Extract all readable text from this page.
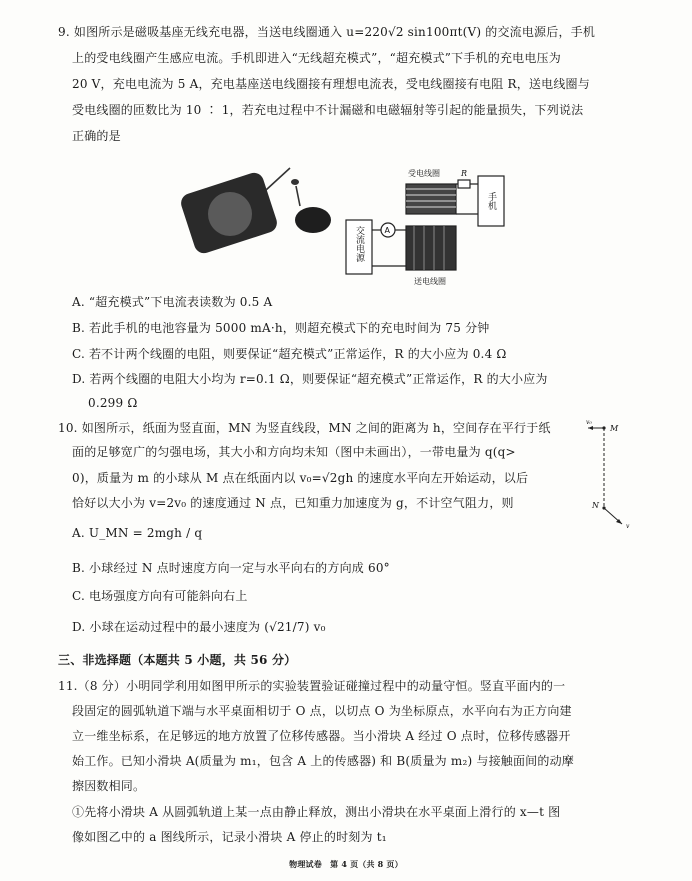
9. 如图所示是磁吸基座无线充电器，当送电线圈通入 u=220√2 sin100πt(V) 的交流电源后，手机
上的受电线圈产生感应电流。手机即进入“无线超充模式”，“超充模式”下手机的充电电压为
20 V，充电电流为 5 A，充电基座送电线圈接有理想电流表，受电线圈接有电阻 R，送电线圈与
受电线圈的匝数比为 10 ∶ 1，若充电过程中不计漏磁和电磁辐射等引起的能量损失，下列说法
正确的是
受电线圈	R
手机
交流电源	A
送电线圈
A. “超充模式”下电流表读数为 0.5 A
B. 若此手机的电池容量为 5000 mA·h，则超充模式下的充电时间为 75 分钟
C. 若不计两个线圈的电阻，则要保证“超充模式”正常运作，R 的大小应为 0.4 Ω
D. 若两个线圈的电阻大小均为 r=0.1 Ω，则要保证“超充模式”正常运作，R 的大小应为
0.299 Ω
10. 如图所示，纸面为竖直面，MN 为竖直线段，MN 之间的距离为 h，空间存在平行于纸
面的足够宽广的匀强电场，其大小和方向均未知（图中未画出），一带电量为 q(q>
0)，质量为 m 的小球从 M 点在纸面内以 v₀=√2gh 的速度水平向左开始运动，以后
恰好以大小为 v=2v₀ 的速度通过 N 点，已知重力加速度为 g，不计空气阻力，则
M
N
v₀
v
A. U_MN = 2mgh / q
B. 小球经过 N 点时速度方向一定与水平向右的方向成 60°
C. 电场强度方向有可能斜向右上
D. 小球在运动过程中的最小速度为 (√21/7) v₀
三、非选择题（本题共 5 小题，共 56 分）
11.（8 分）小明同学利用如图甲所示的实验装置验证碰撞过程中的动量守恒。竖直平面内的一
段固定的圆弧轨道下端与水平桌面相切于 O 点，以切点 O 为坐标原点，水平向右为正方向建
立一维坐标系，在足够远的地方放置了位移传感器。当小滑块 A 经过 O 点时，位移传感器开
始工作。已知小滑块 A(质量为 m₁，包含 A 上的传感器) 和 B(质量为 m₂) 与接触面间的动摩
擦因数相同。
①先将小滑块 A 从圆弧轨道上某一点由静止释放，测出小滑块在水平桌面上滑行的 x—t 图
像如图乙中的 a 图线所示，记录小滑块 A 停止的时刻为 t₁
物理试卷　第 4 页（共 8 页）
